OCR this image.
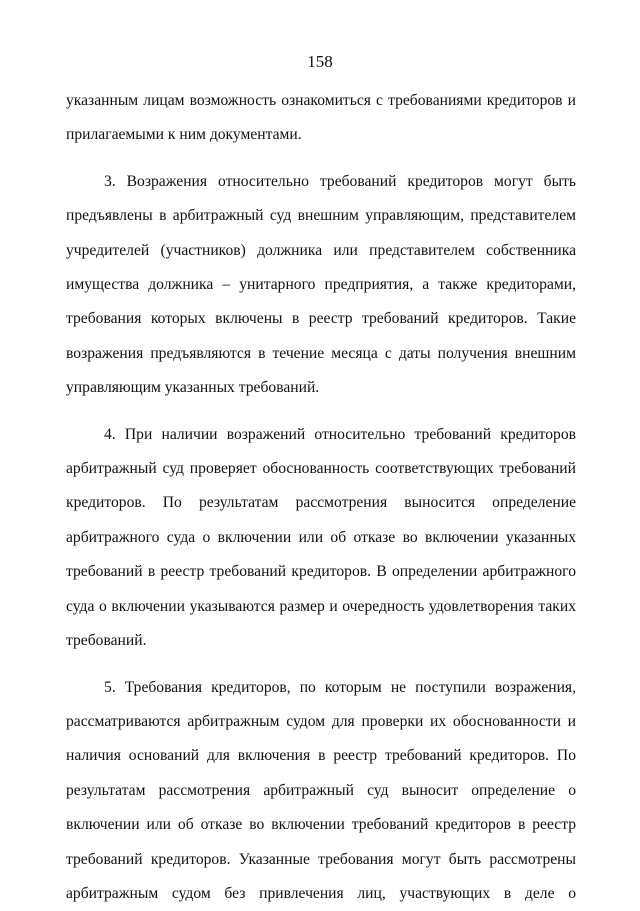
158

указанным лицам возможность ознакомиться с требованиями кредиторов и

прилагаемыми к ним документами.

3. Возражения относительно требований кредиторов могут быть

предъявлены в арбитражный суд внешним управляющим, представителем

учредителей (участников) должника или представителем собственника

имущества должника – унитарного предприятия, а также кредиторами,

требования которых включены в реестр требований кредиторов. Такие

возражения предъявляются в течение месяца с даты получения внешним

управляющим указанных требований.

4. При наличии возражений относительно требований кредиторов

арбитражный суд проверяет обоснованность соответствующих требований

кредиторов. По результатам рассмотрения выносится определение

арбитражного суда о включении или об отказе во включении указанных

требований в реестр требований кредиторов. В определении арбитражного

суда о включении указываются размер и очередность удовлетворения таких

требований.

5. Требования кредиторов, по которым не поступили возражения,

рассматриваются арбитражным судом для проверки их обоснованности и

наличия оснований для включения в реестр требований кредиторов. По

результатам рассмотрения арбитражный суд выносит определение о

включении или об отказе во включении требований кредиторов в реестр

требований кредиторов. Указанные требования могут быть рассмотрены

арбитражным судом без привлечения лиц, участвующих в деле о
